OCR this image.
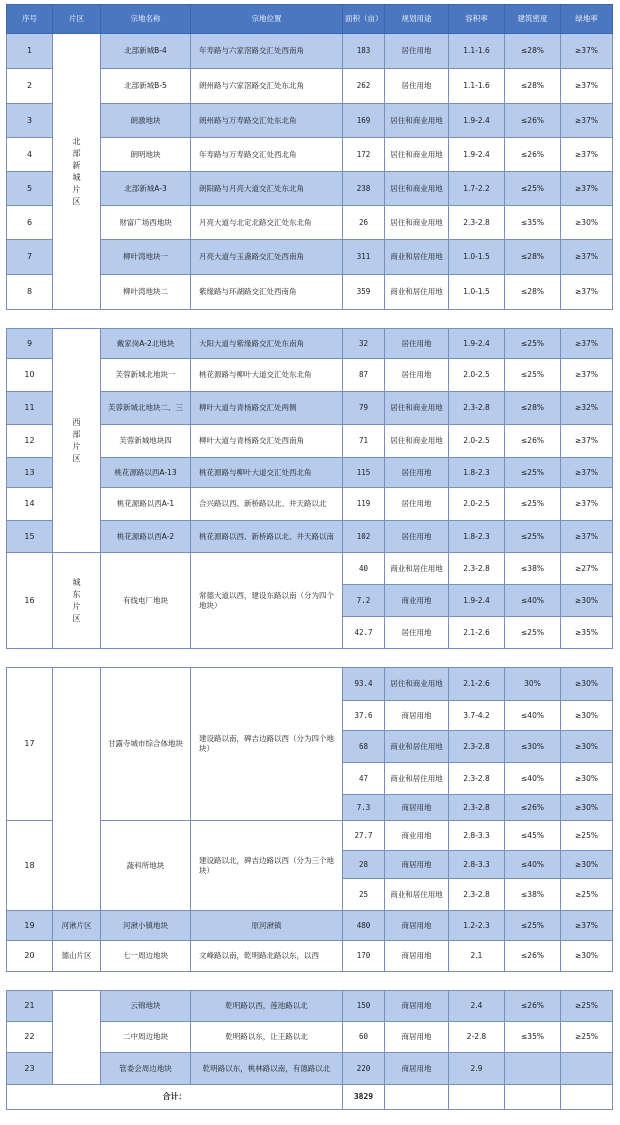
序号	片区	宗地名称	宗地位置	面积（亩）	规划用途	容积率	建筑密度	绿地率
1	北部新城片区	北部新城B-4	年寿路与六家滘路交汇处西南角	183	居住用地	1.1-1.6	≤28%	≥37%
2		北部新城B-5	朗州路与六家滘路交汇处东北角	262	居住用地	1.1-1.6	≤28%	≥37%
3		朗激地块	朗州路与万寿路交汇处东北角	169	居住和商业用地	1.9-2.4	≤26%	≥37%
4		朗明地块	年寿路与万寿路交汇处西北角	172	居住和商业用地	1.9-2.4	≤26%	≥37%
5		北部新城A-3	朗阳路与月亮大道交汇处东北角	238	居住和商业用地	1.7-2.2	≤25%	≥37%
6		财富广场西地块	月亮大道与北定北路交汇处东北角	26	居住和商业用地	2.3-2.8	≤35%	≥30%
7		柳叶湾地块一	月亮大道与玉盏路交汇处西南角	311	商业和居住用地	1.0-1.5	≤28%	≥37%
8		柳叶湾地块二	紫缘路与环湖路交汇处西南角	359	商业和居住用地	1.0-1.5	≤28%	≥37%

9	西部片区	戴家岗A-2北地块	大阳大道与紫缘路交汇处东南角	32	居住用地	1.9-2.4	≤25%	≥37%
10		芙蓉新城北地块一	桃花源路与柳叶大道交汇处东北角	87	居住用地	2.0-2.5	≤25%	≥37%
11		芙蓉新城北地块二、三	柳叶大道与青杨路交汇处两侧	79	居住和商业用地	2.3-2.8	≤28%	≥32%
12		芙蓉新城地块四	柳叶大道与青杨路交汇处西南角	71	居住和商业用地	2.0-2.5	≤26%	≥37%
13		桃花源路以西A-13	桃花源路与柳叶大道交汇处西北角	115	居住用地	1.8-2.3	≤25%	≥37%
14		桃花源路以西A-1	合兴路以西、新桥路以北、井天路以北	119	居住用地	2.0-2.5	≤25%	≥37%
15		桃花源路以西A-2	桃花源路以西、新桥路以北、井天路以南	102	居住用地	1.8-2.3	≤25%	≥37%
16	城东片区	有线电厂地块	常德大道以西，建设东路以南（分为四个地块）	40	商业和居住用地	2.3-2.8	≤38%	≥27%
				7.2	商业用地	1.9-2.4	≤40%	≥30%
				42.7	居住用地	2.1-2.6	≤25%	≥35%

17		甘露寺城市综合体地块	建设路以南，碑吉边路以西（分为四个地块）	93.4	居住和商业用地	2.1-2.6	30%	≥30%
				37.6	商居用地	3.7-4.2	≤40%	≥30%
				68	商业和居住用地	2.3-2.8	≤30%	≥30%
				47	商业和居住用地	2.3-2.8	≤40%	≥30%
				7.3	商居用地	2.3-2.8	≤26%	≥30%
18		蔬科所地块	建设路以北，碑吉边路以西（分为三个地块）	27.7	商业用地	2.8-3.3	≤45%	≥25%
				28	商居用地	2.8-3.3	≤40%	≥30%
				25	商业和居住用地	2.3-2.8	≤38%	≥25%
19	河湫片区	河湫小镇地块	原河湫镇	480	商居用地	1.2-2.3	≤25%	≥37%
20	德山片区	七一周边地块	文峰路以南，乾明路北路以东，以西	170	商居用地	2.1	≤26%	≥30%

21		云锦地块	乾明路以西，莲池路以北	150	商居用地	2.4	≤26%	≥25%
22		二中周边地块	乾明路以东，让王路以北	60	商居用地	2-2.8	≤35%	≥25%
23		管委会周边地块	乾明路以东，桃林路以南，有德路以北	220	商居用地	2.9		
合计：				3829				
